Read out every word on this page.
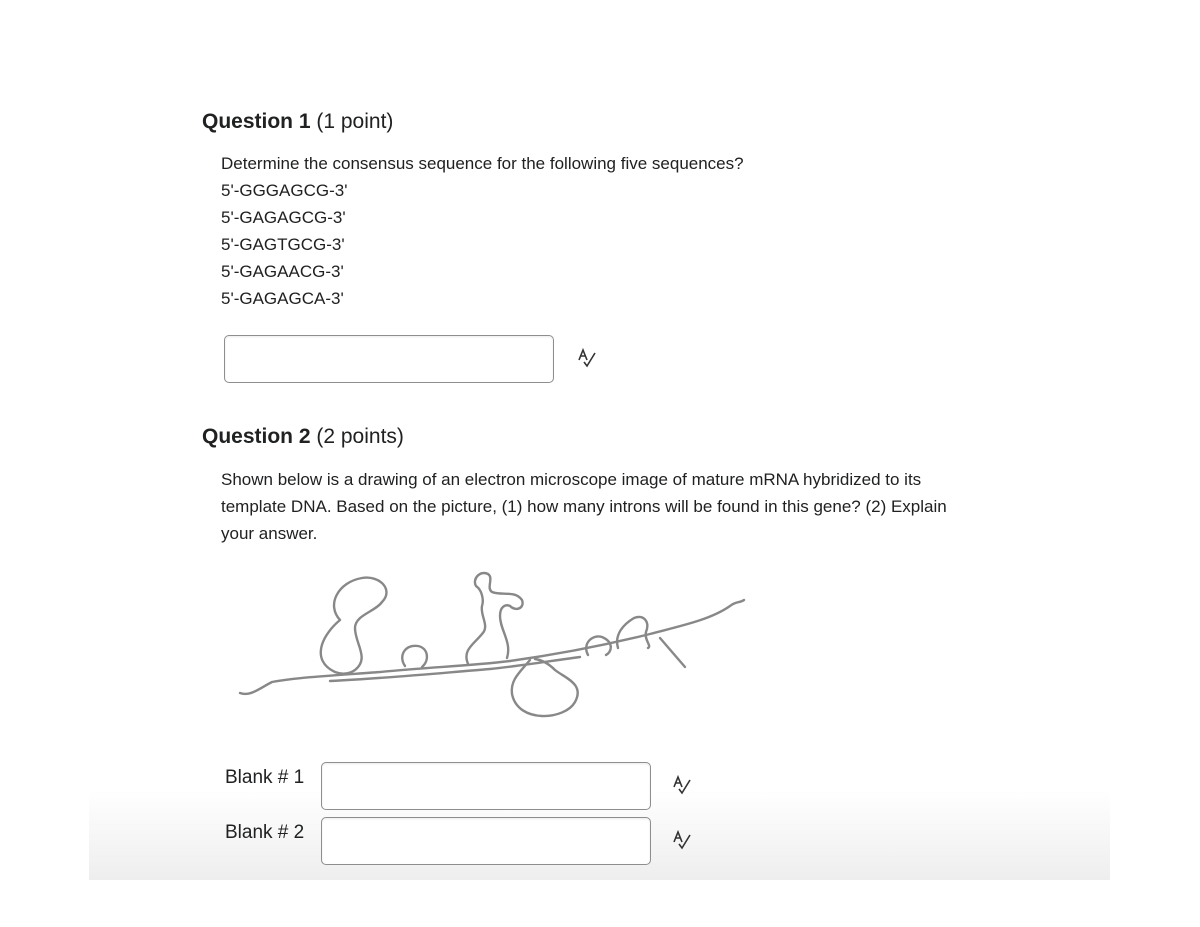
Question 1 (1 point)
Determine the consensus sequence for the following five sequences?
5'-GGGAGCG-3'
5'-GAGAGCG-3'
5'-GAGTGCG-3'
5'-GAGAACG-3'
5'-GAGAGCA-3'
Question 2 (2 points)
Shown below is a drawing of an electron microscope image of mature mRNA hybridized to its
template DNA. Based on the picture, (1) how many introns will be found in this gene? (2) Explain
your answer.
Blank # 1
Blank # 2
